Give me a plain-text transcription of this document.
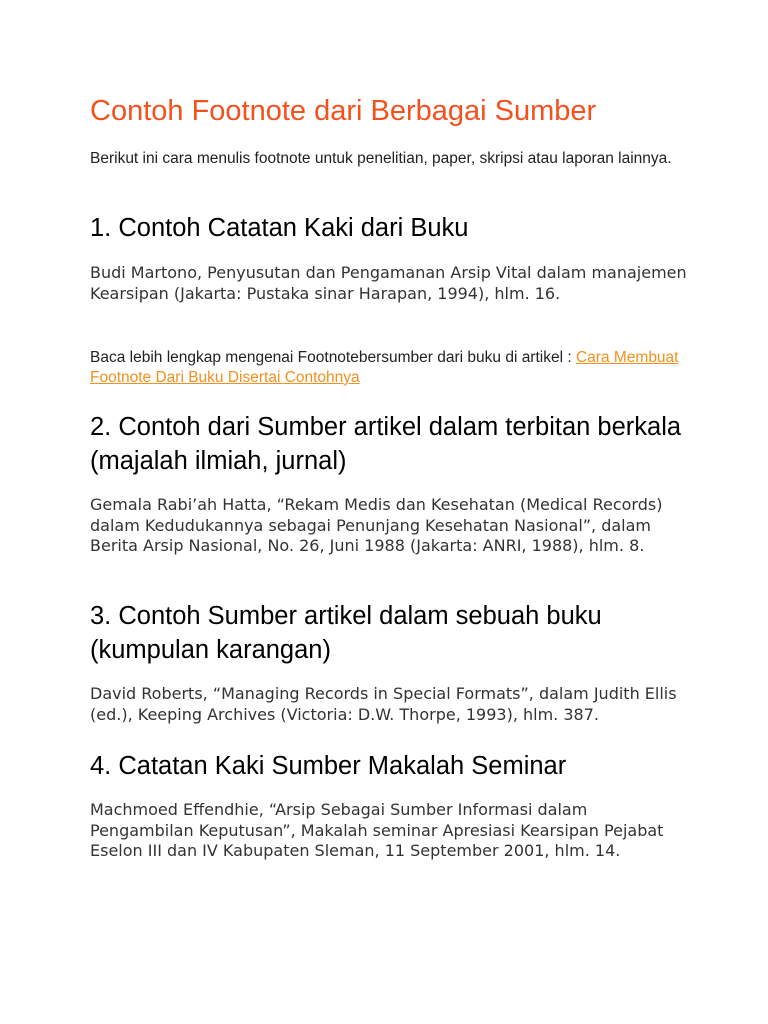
Contoh Footnote dari Berbagai Sumber

Berikut ini cara menulis footnote untuk penelitian, paper, skripsi atau laporan lainnya.

1. Contoh Catatan Kaki dari Buku

Budi Martono, Penyusutan dan Pengamanan Arsip Vital dalam manajemen Kearsipan (Jakarta: Pustaka sinar Harapan, 1994), hlm. 16.

Baca lebih lengkap mengenai Footnotebersumber dari buku di artikel : Cara Membuat Footnote Dari Buku Disertai Contohnya

2. Contoh dari Sumber artikel dalam terbitan berkala (majalah ilmiah, jurnal)

Gemala Rabi’ah Hatta, “Rekam Medis dan Kesehatan (Medical Records) dalam Kedudukannya sebagai Penunjang Kesehatan Nasional”, dalam Berita Arsip Nasional, No. 26, Juni 1988 (Jakarta: ANRI, 1988), hlm. 8.

3. Contoh Sumber artikel dalam sebuah buku (kumpulan karangan)

David Roberts, “Managing Records in Special Formats”, dalam Judith Ellis (ed.), Keeping Archives (Victoria: D.W. Thorpe, 1993), hlm. 387.

4. Catatan Kaki Sumber Makalah Seminar

Machmoed Effendhie, “Arsip Sebagai Sumber Informasi dalam Pengambilan Keputusan”, Makalah seminar Apresiasi Kearsipan Pejabat Eselon III dan IV Kabupaten Sleman, 11 September 2001, hlm. 14.
